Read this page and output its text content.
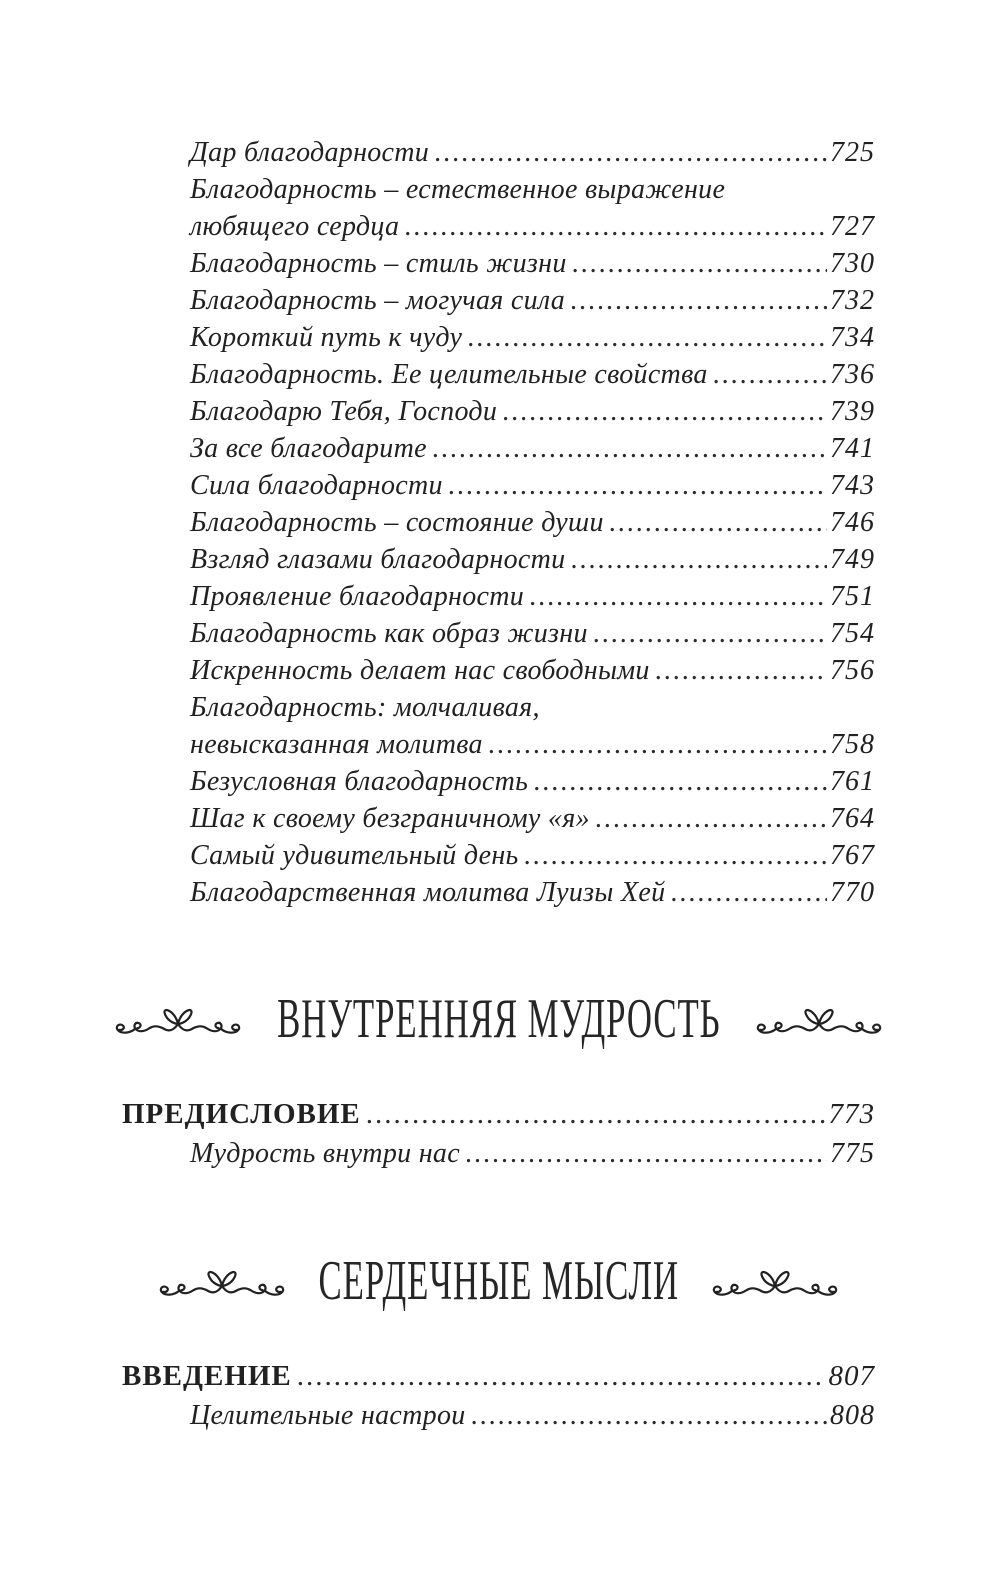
Дар благодарности .....	725
Благодарность – естественное выражение
любящего сердца .....	727
Благодарность – стиль жизни .....	730
Благодарность – могучая сила .....	732
Короткий путь к чуду .....	734
Благодарность. Ее целительные свойства .....	736
Благодарю Тебя, Господи .....	739
За все благодарите .....	741
Сила благодарности .....	743
Благодарность – состояние души .....	746
Взгляд глазами благодарности .....	749
Проявление благодарности .....	751
Благодарность как образ жизни .....	754
Искренность делает нас свободными .....	756
Благодарность: молчаливая,
невысказанная молитва .....	758
Безусловная благодарность .....	761
Шаг к своему безграничному «я» .....	764
Самый удивительный день .....	767
Благодарственная молитва Луизы Хей .....	770
ВНУТРЕННЯЯ МУДРОСТЬ
ПРЕДИСЛОВИЕ .....	773
Мудрость внутри нас .....	775
СЕРДЕЧНЫЕ МЫСЛИ
ВВЕДЕНИЕ .....	807
Целительные настрои .....	808
